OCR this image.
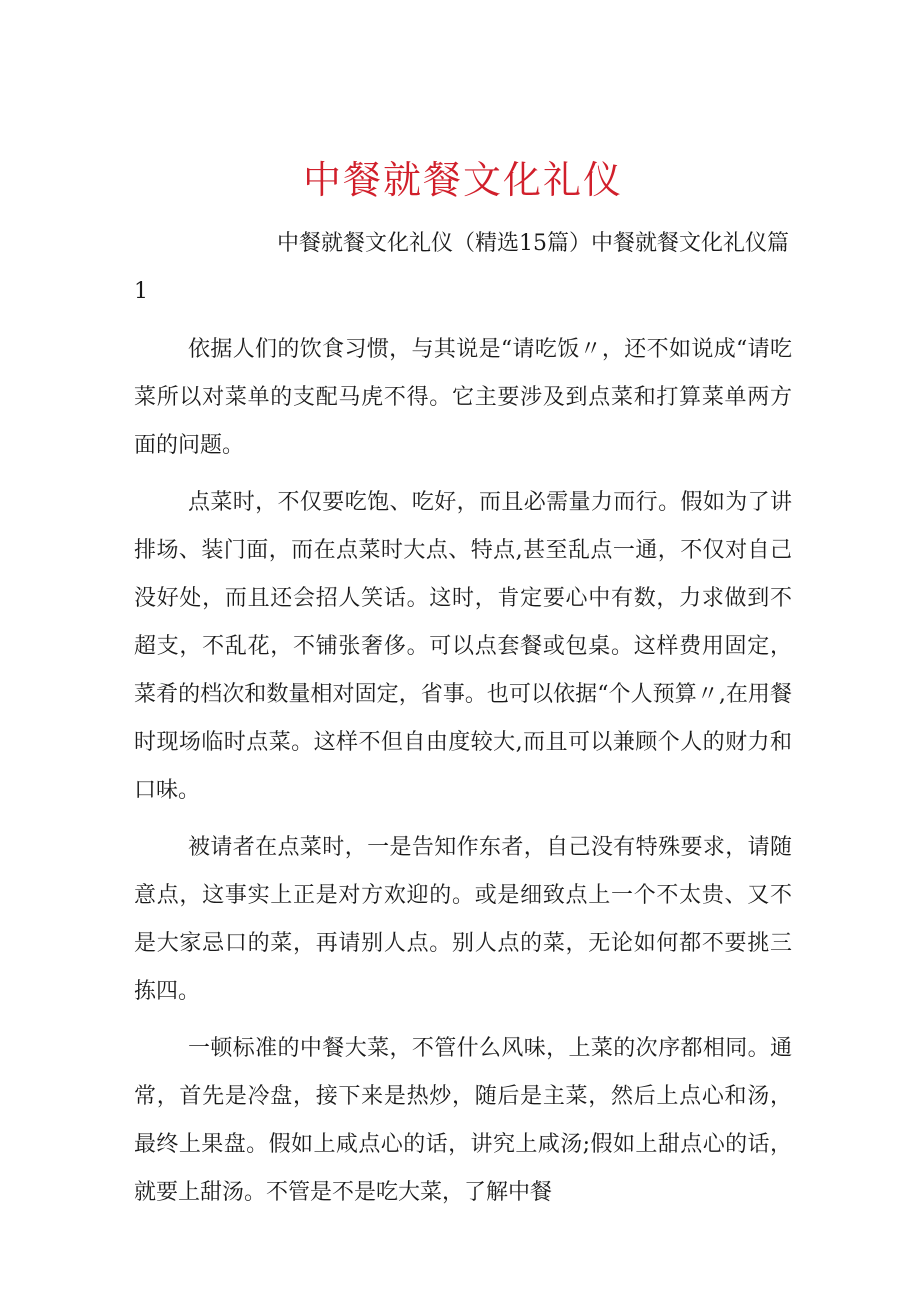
中餐就餐文化礼仪

中餐就餐文化礼仪（精选15篇）中餐就餐文化礼仪篇1

依据人们的饮食习惯，与其说是“请吃饭〃，还不如说成“请吃菜所以对菜单的支配马虎不得。它主要涉及到点菜和打算菜单两方面的问题。

点菜时，不仅要吃饱、吃好，而且必需量力而行。假如为了讲排场、装门面，而在点菜时大点、特点,甚至乱点一通，不仅对自己没好处，而且还会招人笑话。这时，肯定要心中有数，力求做到不超支，不乱花，不铺张奢侈。可以点套餐或包桌。这样费用固定，菜肴的档次和数量相对固定，省事。也可以依据“个人预算〃,在用餐时现场临时点菜。这样不但自由度较大,而且可以兼顾个人的财力和口味。

被请者在点菜时，一是告知作东者，自己没有特殊要求，请随意点，这事实上正是对方欢迎的。或是细致点上一个不太贵、又不是大家忌口的菜，再请别人点。别人点的菜，无论如何都不要挑三拣四。

一顿标准的中餐大菜，不管什么风味，上菜的次序都相同。通常，首先是冷盘，接下来是热炒，随后是主菜，然后上点心和汤，最终上果盘。假如上咸点心的话，讲究上咸汤;假如上甜点心的话，就要上甜汤。不管是不是吃大菜，了解中餐
